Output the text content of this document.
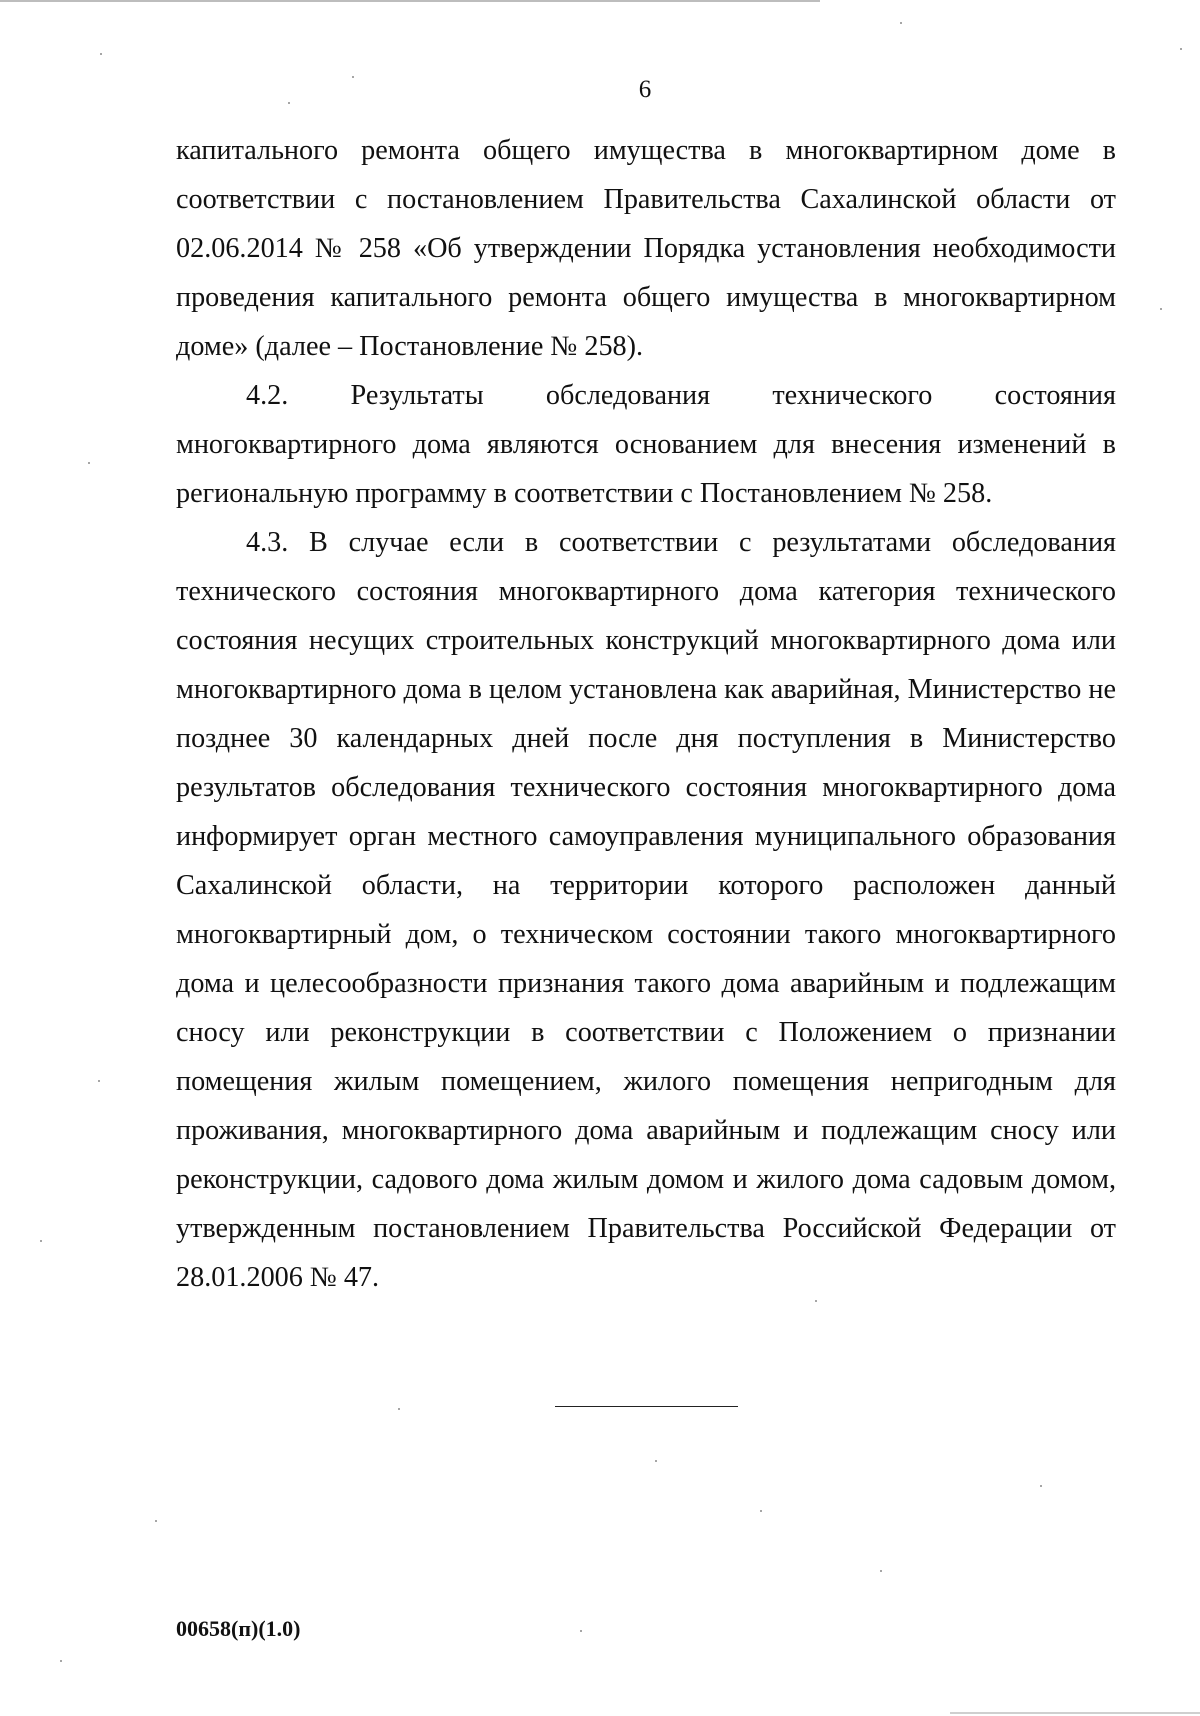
6

капитального ремонта общего имущества в многоквартирном доме в соответствии с постановлением Правительства Сахалинской области от 02.06.2014 № 258 «Об утверждении Порядка установления необходимости проведения капитального ремонта общего имущества в многоквартирном доме» (далее – Постановление № 258).

4.2. Результаты обследования технического состояния многоквартирного дома являются основанием для внесения изменений в региональную программу в соответствии с Постановлением № 258.

4.3. В случае если в соответствии с результатами обследования технического состояния многоквартирного дома категория технического состояния несущих строительных конструкций многоквартирного дома или многоквартирного дома в целом установлена как аварийная, Министерство не позднее 30 календарных дней после дня поступления в Министерство результатов обследования технического состояния многоквартирного дома информирует орган местного самоуправления муниципального образования Сахалинской области, на территории которого расположен данный многоквартирный дом, о техническом состоянии такого многоквартирного дома и целесообразности признания такого дома аварийным и подлежащим сносу или реконструкции в соответствии с Положением о признании помещения жилым помещением, жилого помещения непригодным для проживания, многоквартирного дома аварийным и подлежащим сносу или реконструкции, садового дома жилым домом и жилого дома садовым домом, утвержденным постановлением Правительства Российской Федерации от 28.01.2006 № 47.

00658(п)(1.0)
